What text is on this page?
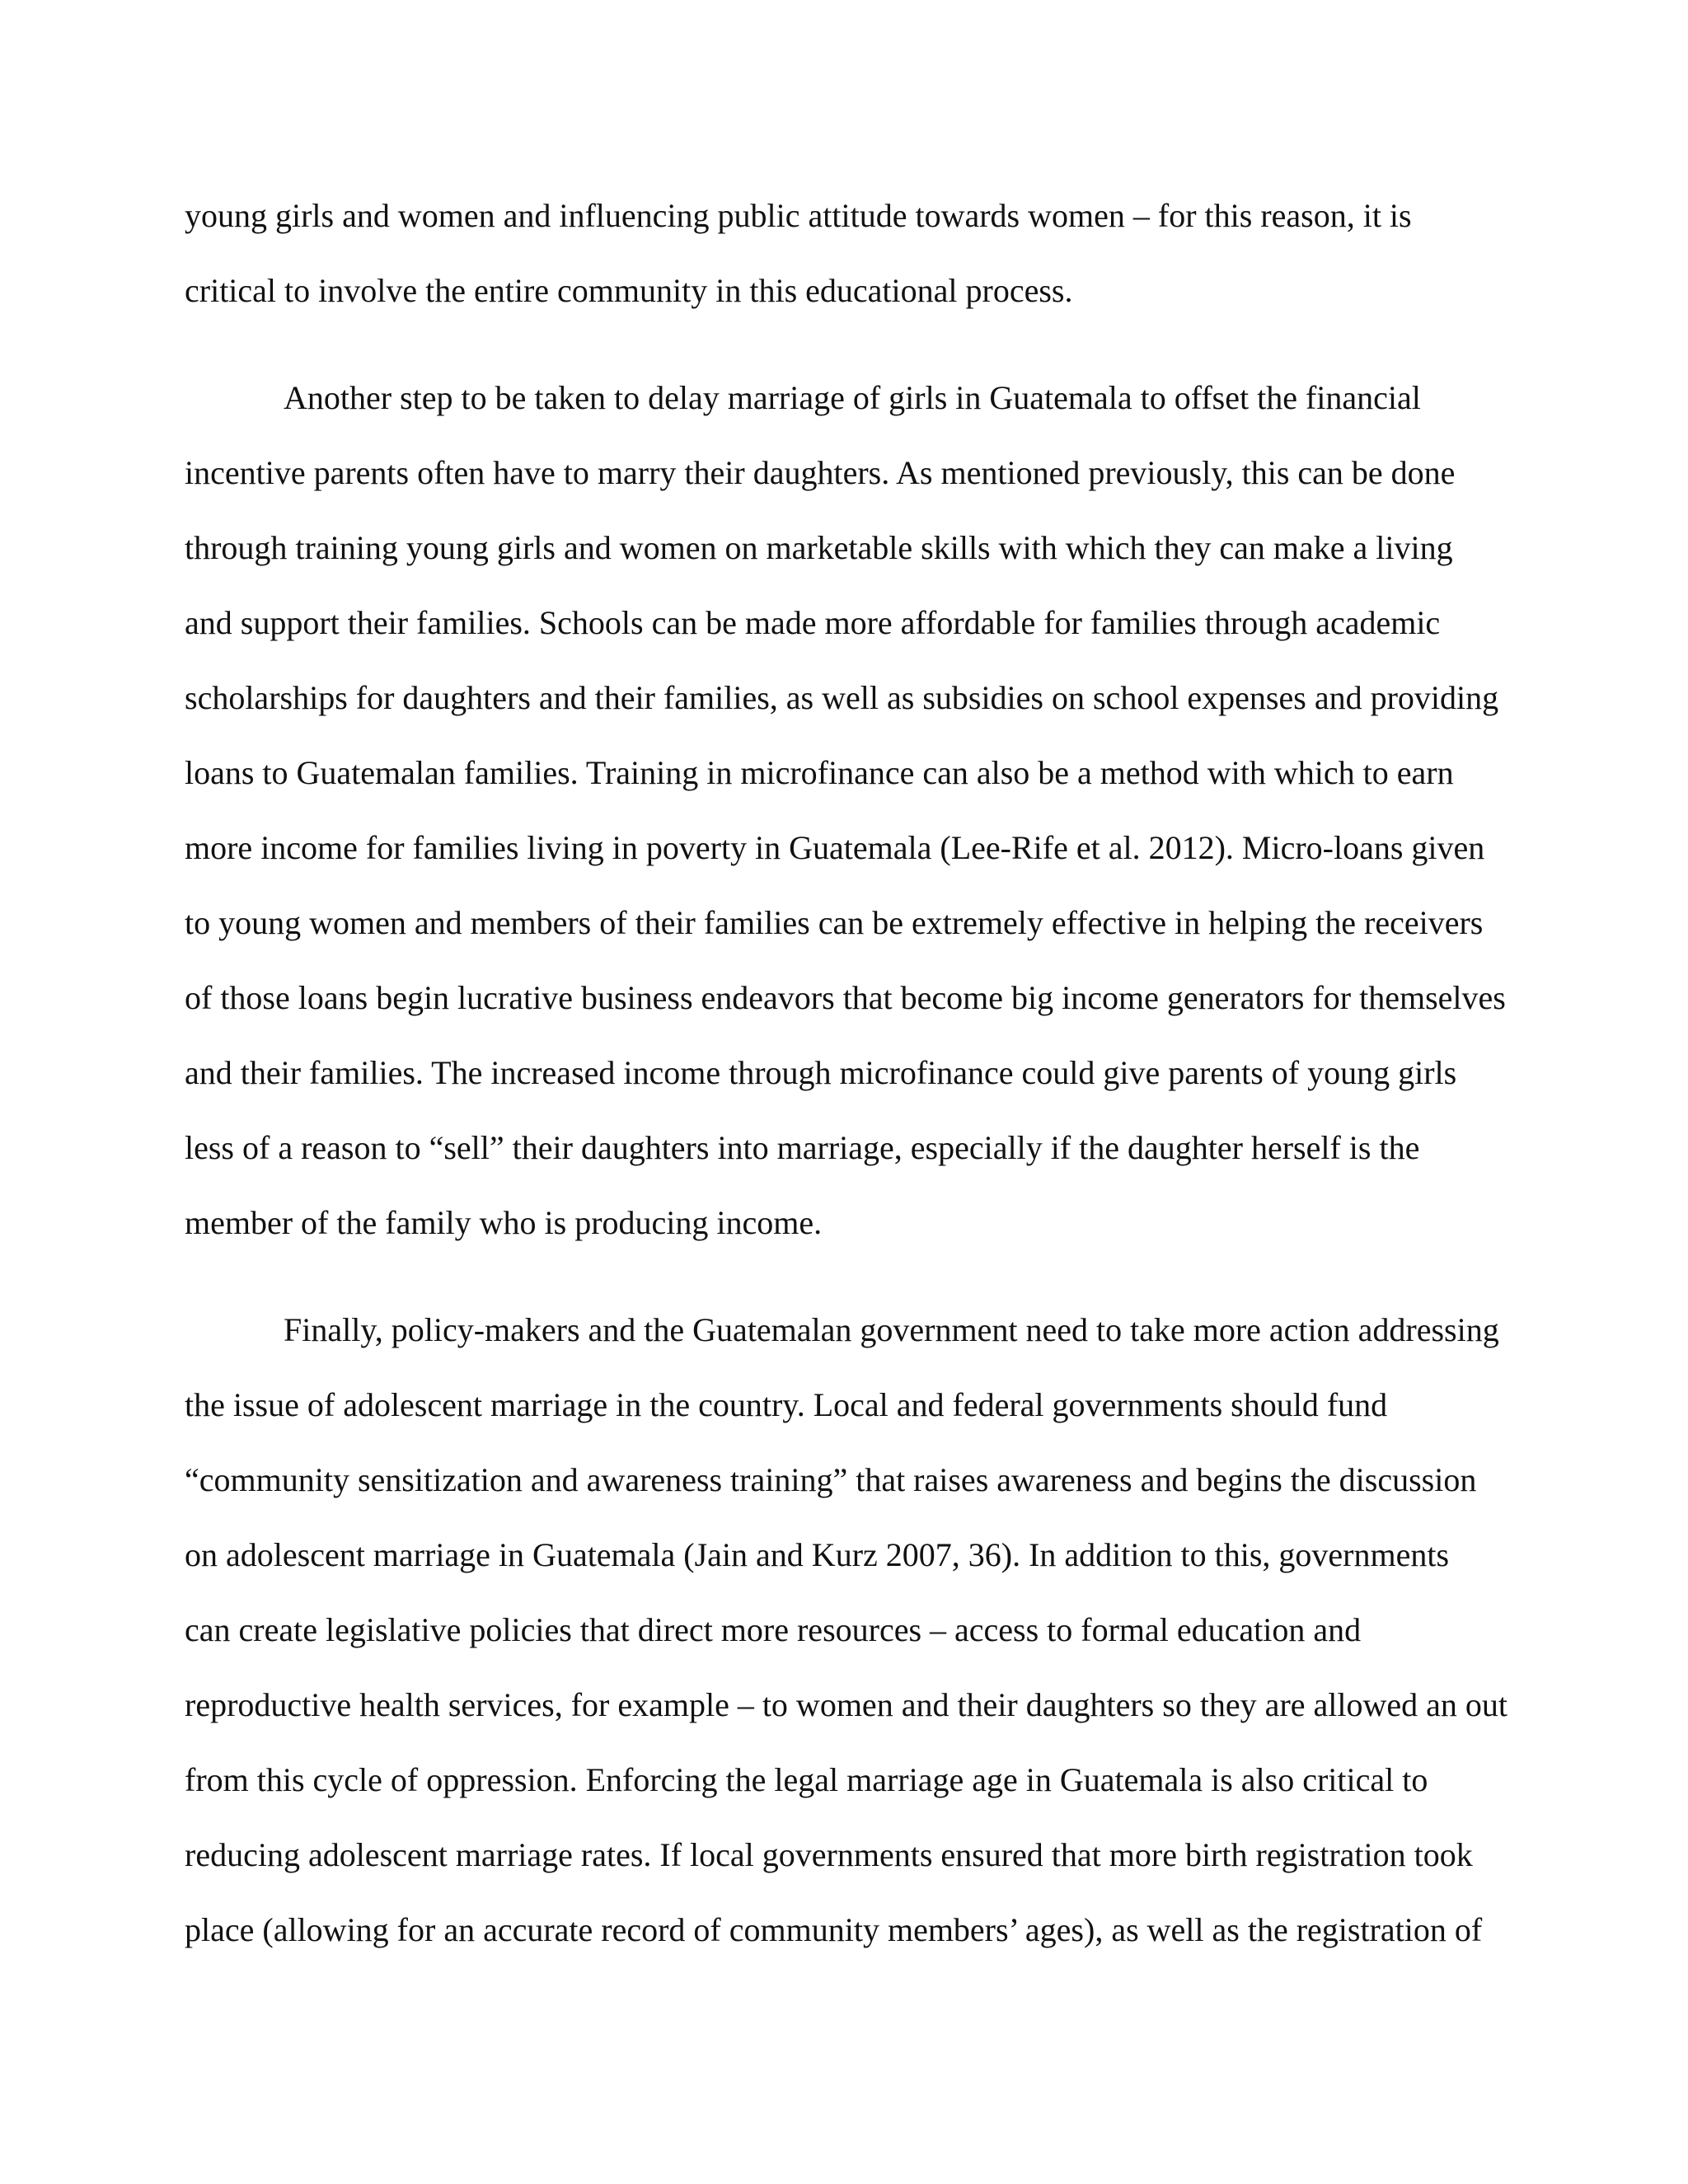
young girls and women and influencing public attitude towards women – for this reason, it is

critical to involve the entire community in this educational process.

Another step to be taken to delay marriage of girls in Guatemala to offset the financial

incentive parents often have to marry their daughters. As mentioned previously, this can be done

through training young girls and women on marketable skills with which they can make a living

and support their families. Schools can be made more affordable for families through academic

scholarships for daughters and their families, as well as subsidies on school expenses and providing

loans to Guatemalan families. Training in microfinance can also be a method with which to earn

more income for families living in poverty in Guatemala (Lee-Rife et al. 2012). Micro-loans given

to young women and members of their families can be extremely effective in helping the receivers

of those loans begin lucrative business endeavors that become big income generators for themselves

and their families. The increased income through microfinance could give parents of young girls

less of a reason to “sell” their daughters into marriage, especially if the daughter herself is the

member of the family who is producing income.

Finally, policy-makers and the Guatemalan government need to take more action addressing

the issue of adolescent marriage in the country. Local and federal governments should fund

“community sensitization and awareness training” that raises awareness and begins the discussion

on adolescent marriage in Guatemala (Jain and Kurz 2007, 36). In addition to this, governments

can create legislative policies that direct more resources – access to formal education and

reproductive health services, for example – to women and their daughters so they are allowed an out

from this cycle of oppression. Enforcing the legal marriage age in Guatemala is also critical to

reducing adolescent marriage rates. If local governments ensured that more birth registration took

place (allowing for an accurate record of community members’ ages), as well as the registration of
